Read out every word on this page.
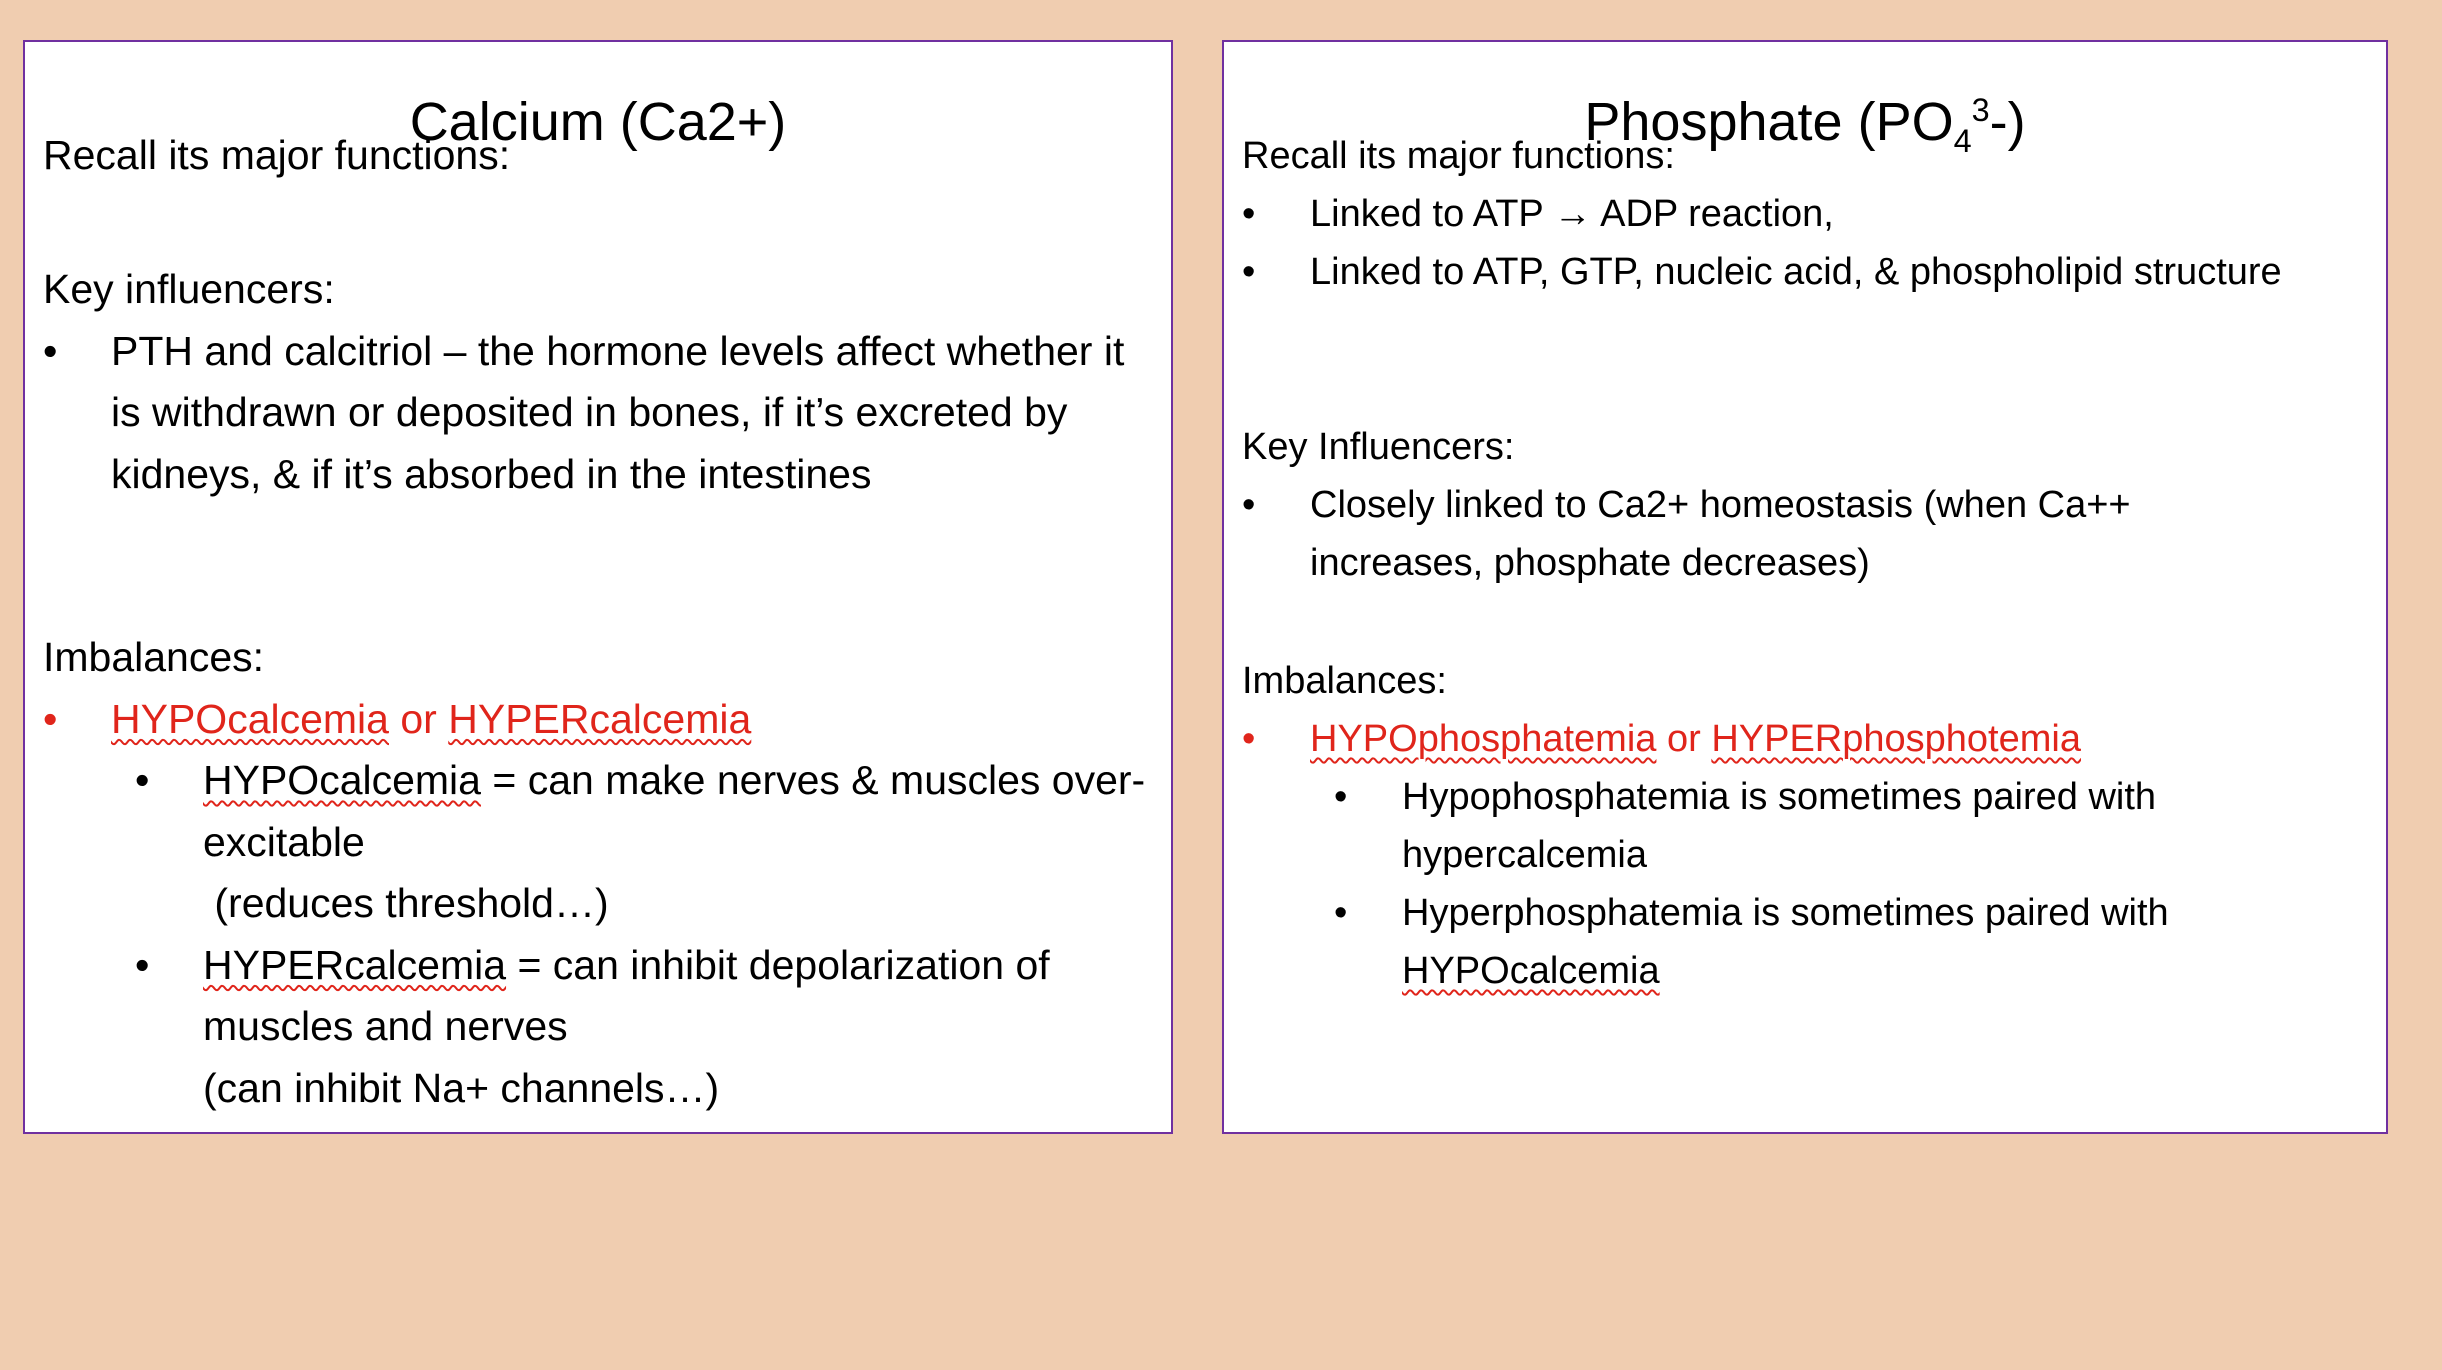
Calcium (Ca2+)
Recall its major functions:
Key influencers:
• PTH and calcitriol – the hormone levels affect whether it is withdrawn or deposited in bones, if it’s excreted by kidneys, & if it’s absorbed in the intestines
Imbalances:
• HYPOcalcemia or HYPERcalcemia
• HYPOcalcemia = can make nerves & muscles over-excitable
(reduces threshold…)
• HYPERcalcemia = can inhibit depolarization of muscles and nerves
(can inhibit Na+ channels…)
Phosphate $(PO_4^3-)$
Recall its major functions:
• Linked to ATP → ADP reaction,
• Linked to ATP, GTP, nucleic acid, & phospholipid structure
Key Influencers:
• Closely linked to Ca2+ homeostasis (when Ca++ increases, phosphate decreases)
Imbalances:
• HYPOphosphatemia or HYPERphosphotemia
• Hypophosphatemia is sometimes paired with hypercalcemia
• Hyperphosphatemia is sometimes paired with HYPOcalcemia
